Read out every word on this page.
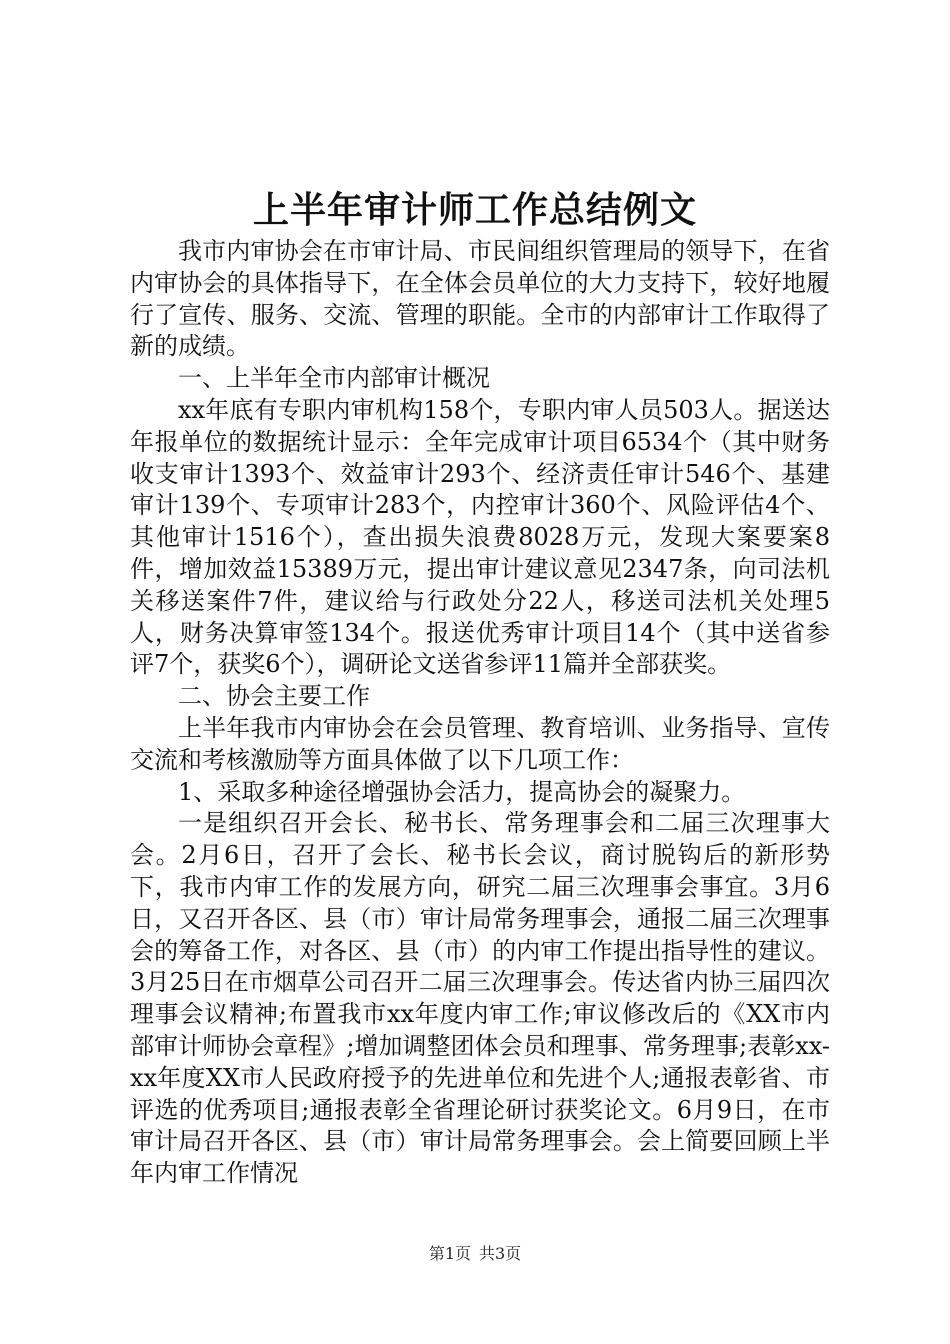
上半年审计师工作总结例文

我市内审协会在市审计局、市民间组织管理局的领导下，在省内审协会的具体指导下，在全体会员单位的大力支持下，较好地履行了宣传、服务、交流、管理的职能。全市的内部审计工作取得了新的成绩。

一、上半年全市内部审计概况

xx年底有专职内审机构158个，专职内审人员503人。据送达年报单位的数据统计显示：全年完成审计项目6534个（其中财务收支审计1393个、效益审计293个、经济责任审计546个、基建审计139个、专项审计283个，内控审计360个、风险评估4个、其他审计1516个），查出损失浪费8028万元，发现大案要案8件，增加效益15389万元，提出审计建议意见2347条，向司法机关移送案件7件，建议给与行政处分22人，移送司法机关处理5人，财务决算审签134个。报送优秀审计项目14个（其中送省参评7个，获奖6个），调研论文送省参评11篇并全部获奖。

二、协会主要工作

上半年我市内审协会在会员管理、教育培训、业务指导、宣传交流和考核激励等方面具体做了以下几项工作：

1、采取多种途径增强协会活力，提高协会的凝聚力。

一是组织召开会长、秘书长、常务理事会和二届三次理事大会。2月6日，召开了会长、秘书长会议，商讨脱钩后的新形势下，我市内审工作的发展方向，研究二届三次理事会事宜。3月6日，又召开各区、县（市）审计局常务理事会，通报二届三次理事会的筹备工作，对各区、县（市）的内审工作提出指导性的建议。3月25日在市烟草公司召开二届三次理事会。传达省内协三届四次理事会议精神;布置我市xx年度内审工作;审议修改后的《XX市内部审计师协会章程》;增加调整团体会员和理事、常务理事;表彰xx-xx年度XX市人民政府授予的先进单位和先进个人;通报表彰省、市评选的优秀项目;通报表彰全省理论研讨获奖论文。6月9日，在市审计局召开各区、县（市）审计局常务理事会。会上简要回顾上半年内审工作情况

第1页 共3页
